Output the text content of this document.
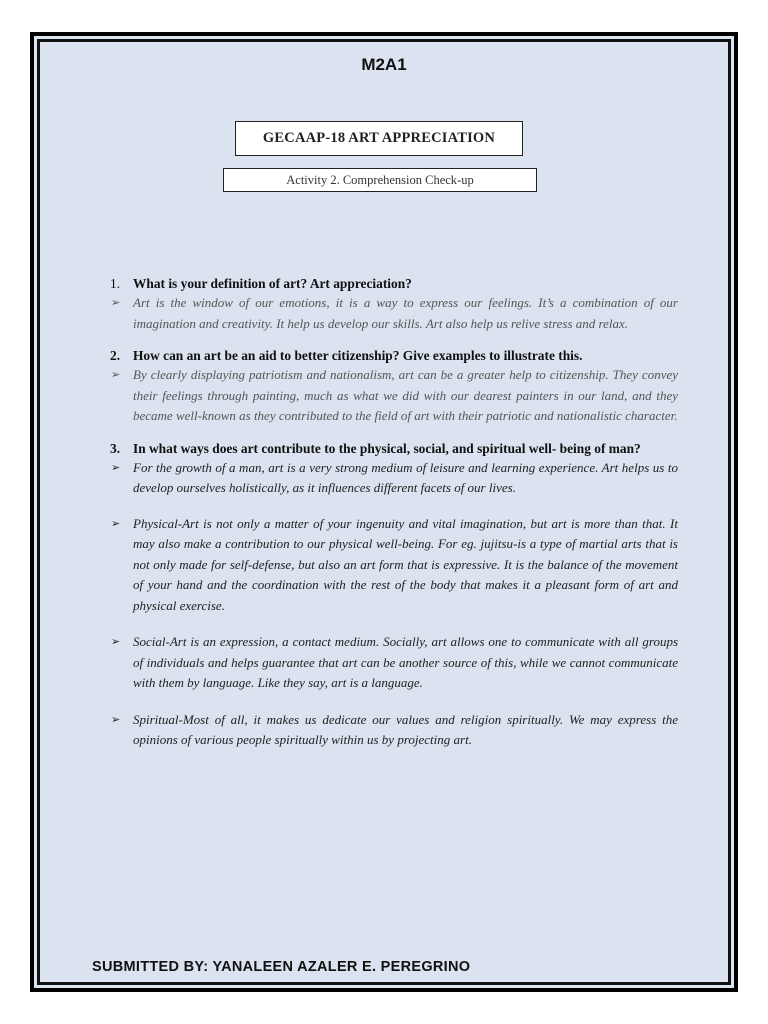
M2A1
GECAAP-18 ART APPRECIATION
Activity 2. Comprehension Check-up
1. What is your definition of art? Art appreciation?
➢ Art is the window of our emotions, it is a way to express our feelings. It’s a combination of our imagination and creativity. It help us develop our skills. Art also help us relive stress and relax.
2. How can an art be an aid to better citizenship? Give examples to illustrate this.
➢ By clearly displaying patriotism and nationalism, art can be a greater help to citizenship. They convey their feelings through painting, much as what we did with our dearest painters in our land, and they became well-known as they contributed to the field of art with their patriotic and nationalistic character.
3. In what ways does art contribute to the physical, social, and spiritual well- being of man?
➢ For the growth of a man, art is a very strong medium of leisure and learning experience. Art helps us to develop ourselves holistically, as it influences different facets of our lives.
➢ Physical-Art is not only a matter of your ingenuity and vital imagination, but art is more than that. It may also make a contribution to our physical well-being. For eg. jujitsu-is a type of martial arts that is not only made for self-defense, but also an art form that is expressive. It is the balance of the movement of your hand and the coordination with the rest of the body that makes it a pleasant form of art and physical exercise.
➢ Social-Art is an expression, a contact medium. Socially, art allows one to communicate with all groups of individuals and helps guarantee that art can be another source of this, while we cannot communicate with them by language. Like they say, art is a language.
➢ Spiritual-Most of all, it makes us dedicate our values and religion spiritually. We may express the opinions of various people spiritually within us by projecting art.
SUBMITTED BY: YANALEEN AZALER E. PEREGRINO
